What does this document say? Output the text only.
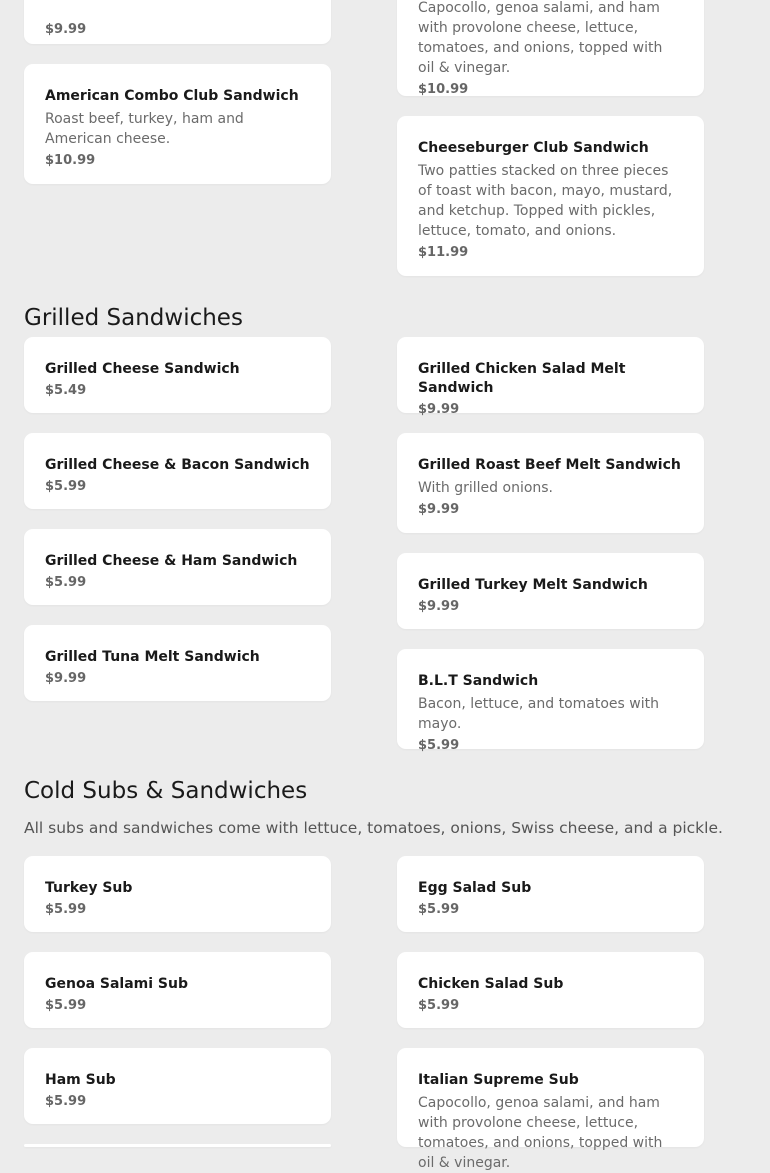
$9.99
Capocollo, genoa salami, and ham with provolone cheese, lettuce, tomatoes, and onions, topped with oil & vinegar.
$10.99
American Combo Club Sandwich
Roast beef, turkey, ham and American cheese.
$10.99
Cheeseburger Club Sandwich
Two patties stacked on three pieces of toast with bacon, mayo, mustard, and ketchup. Topped with pickles, lettuce, tomato, and onions.
$11.99
Grilled Sandwiches
Grilled Cheese Sandwich
$5.49
Grilled Cheese & Bacon Sandwich
$5.99
Grilled Cheese & Ham Sandwich
$5.99
Grilled Tuna Melt Sandwich
$9.99
Grilled Chicken Salad Melt Sandwich
$9.99
Grilled Roast Beef Melt Sandwich
With grilled onions.
$9.99
Grilled Turkey Melt Sandwich
$9.99
B.L.T Sandwich
Bacon, lettuce, and tomatoes with mayo.
$5.99
Cold Subs & Sandwiches
All subs and sandwiches come with lettuce, tomatoes, onions, Swiss cheese, and a pickle.
Turkey Sub
$5.99
Genoa Salami Sub
$5.99
Ham Sub
$5.99
Egg Salad Sub
$5.99
Chicken Salad Sub
$5.99
Italian Supreme Sub
Capocollo, genoa salami, and ham with provolone cheese, lettuce, tomatoes, and onions, topped with oil & vinegar.
